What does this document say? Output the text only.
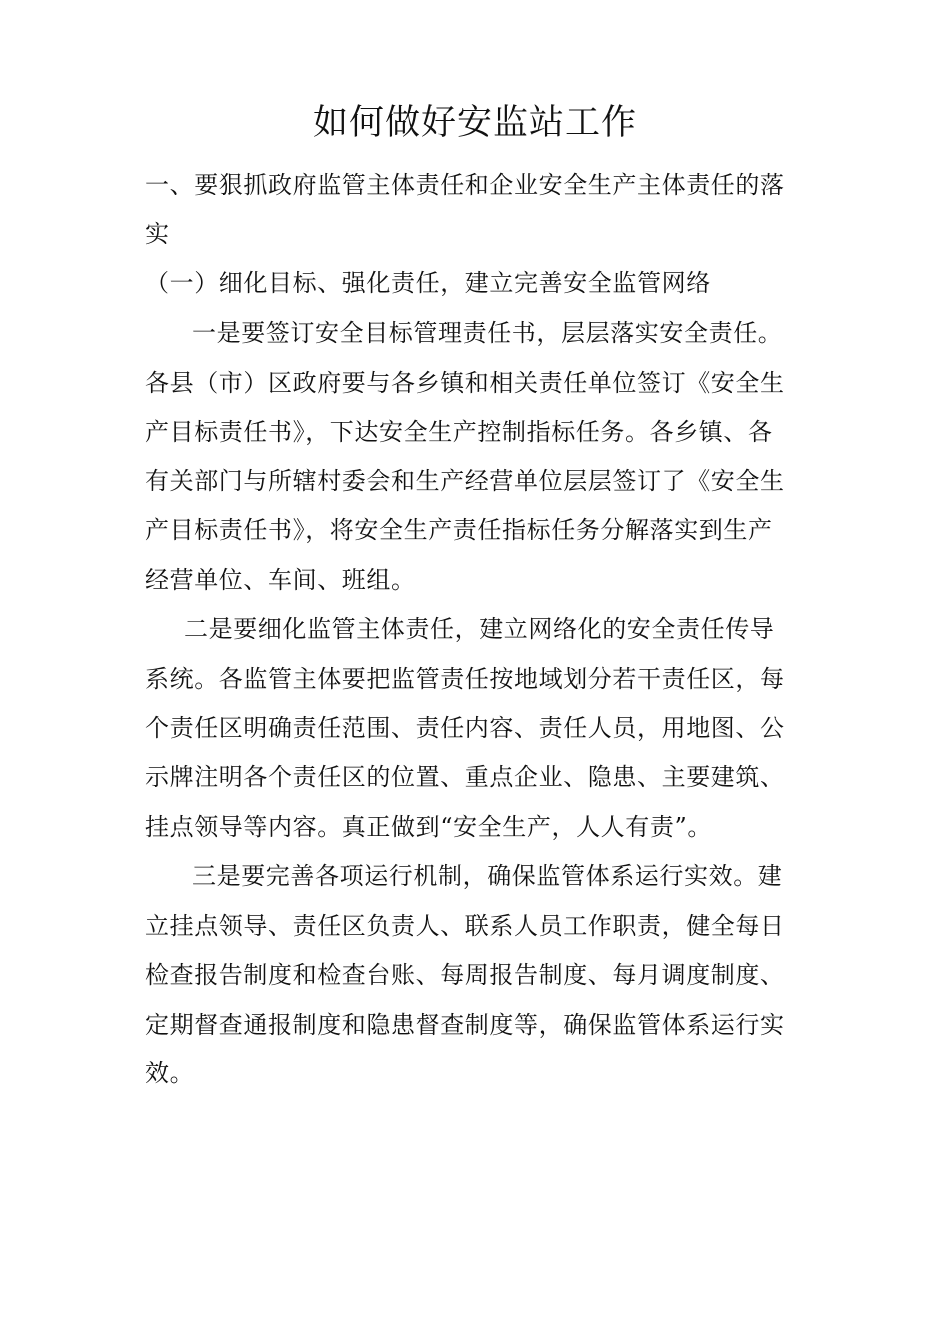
如何做好安监站工作
一、要狠抓政府监管主体责任和企业安全生产主体责任的落
实
（一）细化目标、强化责任，建立完善安全监管网络
一是要签订安全目标管理责任书，层层落实安全责任。
各县（市）区政府要与各乡镇和相关责任单位签订《安全生
产目标责任书》，下达安全生产控制指标任务。各乡镇、各
有关部门与所辖村委会和生产经营单位层层签订了《安全生
产目标责任书》，将安全生产责任指标任务分解落实到生产
经营单位、车间、班组。
二是要细化监管主体责任，建立网络化的安全责任传导
系统。各监管主体要把监管责任按地域划分若干责任区，每
个责任区明确责任范围、责任内容、责任人员，用地图、公
示牌注明各个责任区的位置、重点企业、隐患、主要建筑、
挂点领导等内容。真正做到“安全生产，人人有责”。
三是要完善各项运行机制，确保监管体系运行实效。建
立挂点领导、责任区负责人、联系人员工作职责，健全每日
检查报告制度和检查台账、每周报告制度、每月调度制度、
定期督查通报制度和隐患督查制度等，确保监管体系运行实
效。
